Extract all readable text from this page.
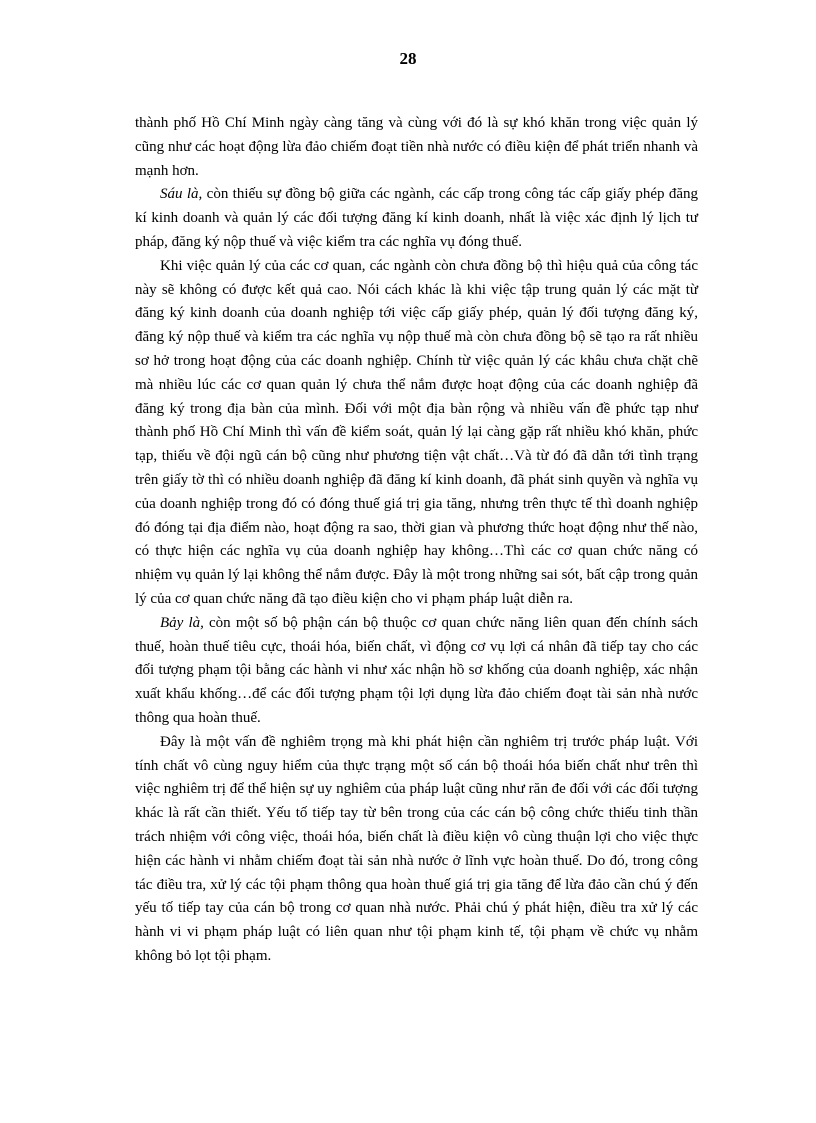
28

thành phố Hồ Chí Minh ngày càng tăng và cùng với đó là sự khó khăn trong việc quản lý cũng như các hoạt động lừa đảo chiếm đoạt tiền nhà nước có điều kiện để phát triển nhanh và mạnh hơn.

Sáu là, còn thiếu sự đồng bộ giữa các ngành, các cấp trong công tác cấp giấy phép đăng kí kinh doanh và quản lý các đối tượng đăng kí kinh doanh, nhất là việc xác định lý lịch tư pháp, đăng ký nộp thuế và việc kiểm tra các nghĩa vụ đóng thuế.

Khi việc quản lý của các cơ quan, các ngành còn chưa đồng bộ thì hiệu quả của công tác này sẽ không có được kết quả cao. Nói cách khác là khi việc tập trung quản lý các mặt từ đăng ký kinh doanh của doanh nghiệp tới việc cấp giấy phép, quản lý đối tượng đăng ký, đăng ký nộp thuế và kiểm tra các nghĩa vụ nộp thuế mà còn chưa đồng bộ sẽ tạo ra rất nhiều sơ hở trong hoạt động của các doanh nghiệp. Chính từ việc quản lý các khâu chưa chặt chẽ mà nhiều lúc các cơ quan quản lý chưa thể nắm được hoạt động của các doanh nghiệp đã đăng ký trong địa bàn của mình. Đối với một địa bàn rộng và nhiều vấn đề phức tạp như thành phố Hồ Chí Minh thì vấn đề kiểm soát, quản lý lại càng gặp rất nhiều khó khăn, phức tạp, thiếu về đội ngũ cán bộ cũng như phương tiện vật chất…Và từ đó đã dẫn tới tình trạng trên giấy tờ thì có nhiều doanh nghiệp đã đăng kí kinh doanh, đã phát sinh quyền và nghĩa vụ của doanh nghiệp trong đó có đóng thuế giá trị gia tăng, nhưng trên thực tế thì doanh nghiệp đó đóng tại địa điểm nào, hoạt động ra sao, thời gian và phương thức hoạt động như thế nào, có thực hiện các nghĩa vụ của doanh nghiệp hay không…Thì các cơ quan chức năng có nhiệm vụ quản lý lại không thể nắm được. Đây là một trong những sai sót, bất cập trong quản lý của cơ quan chức năng đã tạo điều kiện cho vi phạm pháp luật diễn ra.

Bảy là, còn một số bộ phận cán bộ thuộc cơ quan chức năng liên quan đến chính sách thuế, hoàn thuế tiêu cực, thoái hóa, biến chất, vì động cơ vụ lợi cá nhân đã tiếp tay cho các đối tượng phạm tội bằng các hành vi như xác nhận hồ sơ khống của doanh nghiệp, xác nhận xuất khẩu khống…để các đối tượng phạm tội lợi dụng lừa đảo chiếm đoạt tài sản nhà nước thông qua hoàn thuế.

Đây là một vấn đề nghiêm trọng mà khi phát hiện cần nghiêm trị trước pháp luật. Với tính chất vô cùng nguy hiểm của thực trạng một số cán bộ thoái hóa biến chất như trên thì việc nghiêm trị để thể hiện sự uy nghiêm của pháp luật cũng như răn đe đối với các đối tượng khác là rất cần thiết. Yếu tố tiếp tay từ bên trong của các cán bộ công chức thiếu tinh thần trách nhiệm với công việc, thoái hóa, biến chất là điều kiện vô cùng thuận lợi cho việc thực hiện các hành vi nhằm chiếm đoạt tài sản nhà nước ở lĩnh vực hoàn thuế. Do đó, trong công tác điều tra, xử lý các tội phạm thông qua hoàn thuế giá trị gia tăng để lừa đảo cần chú ý đến yếu tố tiếp tay của cán bộ trong cơ quan nhà nước. Phải chú ý phát hiện, điều tra xử lý các hành vi vi phạm pháp luật có liên quan như tội phạm kinh tế, tội phạm về chức vụ nhằm không bỏ lọt tội phạm.
